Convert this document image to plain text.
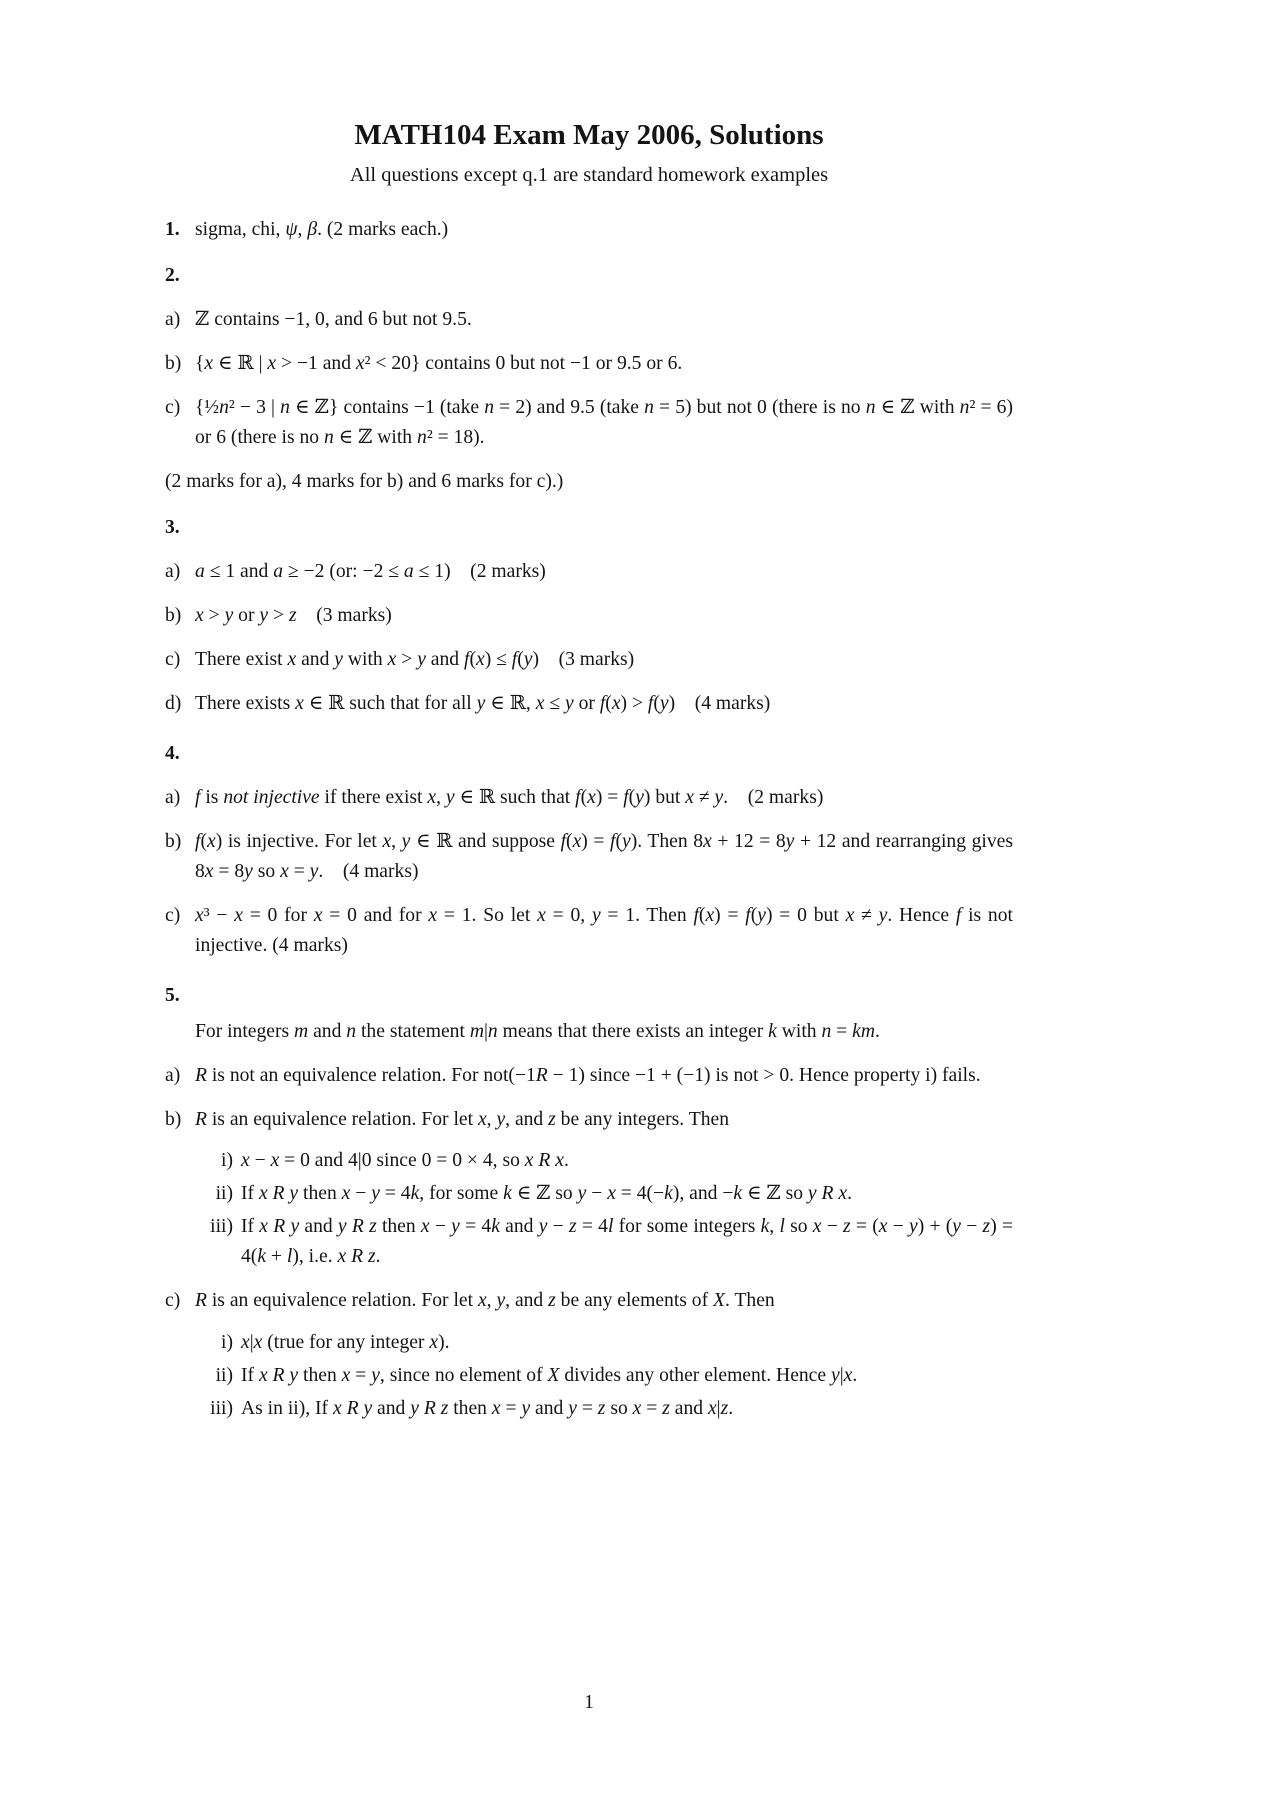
MATH104 Exam May 2006, Solutions
All questions except q.1 are standard homework examples
1. sigma, chi, ψ, β. (2 marks each.)
2.
a) ℤ contains −1, 0, and 6 but not 9.5.
b) {x ∈ ℝ | x > −1 and x² < 20} contains 0 but not −1 or 9.5 or 6.
c) {½n² − 3 | n ∈ ℤ} contains −1 (take n = 2) and 9.5 (take n = 5) but not 0 (there is no n ∈ ℤ with n² = 6) or 6 (there is no n ∈ ℤ with n² = 18).
(2 marks for a), 4 marks for b) and 6 marks for c).)
3.
a) a ≤ 1 and a ≥ −2 (or: −2 ≤ a ≤ 1) (2 marks)
b) x > y or y > z (3 marks)
c) There exist x and y with x > y and f(x) ≤ f(y) (3 marks)
d) There exists x ∈ ℝ such that for all y ∈ ℝ, x ≤ y or f(x) > f(y) (4 marks)
4.
a) f is not injective if there exist x, y ∈ ℝ such that f(x) = f(y) but x ≠ y. (2 marks)
b) f(x) is injective. For let x, y ∈ ℝ and suppose f(x) = f(y). Then 8x + 12 = 8y + 12 and rearranging gives 8x = 8y so x = y. (4 marks)
c) x³ − x = 0 for x = 0 and for x = 1. So let x = 0, y = 1. Then f(x) = f(y) = 0 but x ≠ y. Hence f is not injective. (4 marks)
5.
For integers m and n the statement m|n means that there exists an integer k with n = km.
a) R is not an equivalence relation. For not(−1R − 1) since −1 + (−1) is not > 0. Hence property i) fails.
b) R is an equivalence relation. For let x, y, and z be any integers. Then
i) x − x = 0 and 4|0 since 0 = 0 × 4, so x R x.
ii) If x R y then x − y = 4k, for some k ∈ ℤ so y − x = 4(−k), and −k ∈ ℤ so y R x.
iii) If x R y and y R z then x − y = 4k and y − z = 4l for some integers k, l so x − z = (x − y) + (y − z) = 4(k + l), i.e. x R z.
c) R is an equivalence relation. For let x, y, and z be any elements of X. Then
i) x|x (true for any integer x).
ii) If x R y then x = y, since no element of X divides any other element. Hence y|x.
iii) As in ii), If x R y and y R z then x = y and y = z so x = z and x|z.
1
